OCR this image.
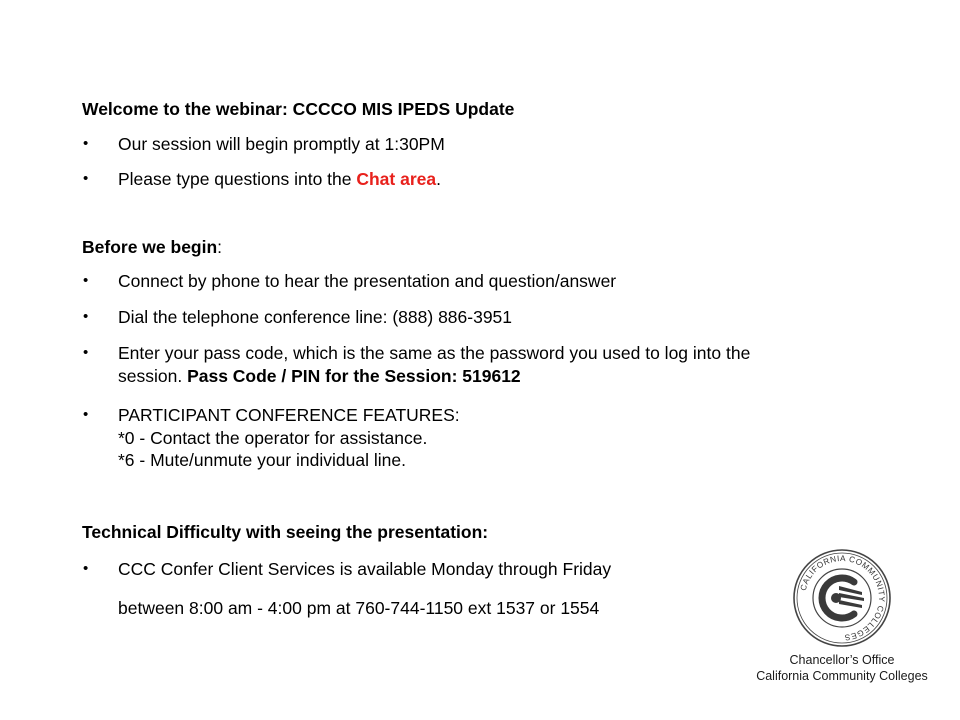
Welcome to the webinar: CCCCO MIS IPEDS Update
• Our session will begin promptly at 1:30PM
• Please type questions into the Chat area.
Before we begin:
• Connect by phone to hear the presentation and question/answer
• Dial the telephone conference line: (888) 886-3951
• Enter your pass code, which is the same as the password you used to log into the
session. Pass Code / PIN for the Session: 519612
• PARTICIPANT CONFERENCE FEATURES:
*0 - Contact the operator for assistance.
*6 - Mute/unmute your individual line.
Technical Difficulty with seeing the presentation:
• CCC Confer Client Services is available Monday through Friday
between 8:00 am - 4:00 pm at 760-744-1150 ext 1537 or 1554
CALIFORNIA COMMUNITY COLLEGES
Chancellor’s Office
California Community Colleges
